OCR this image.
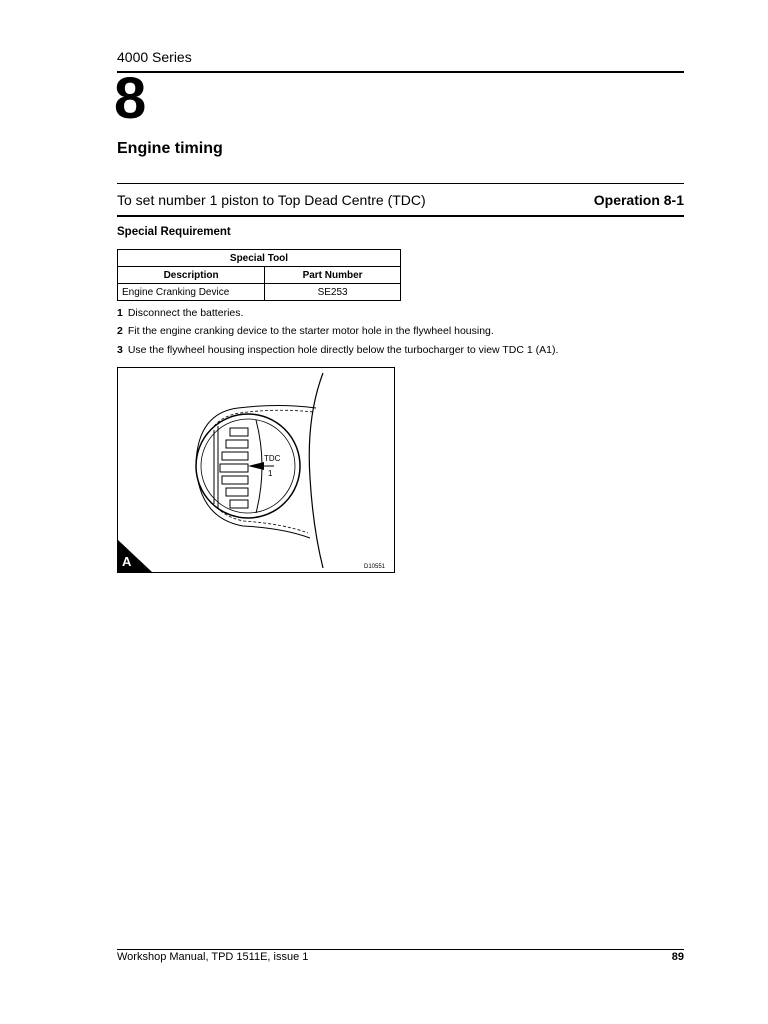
4000 Series
8
Engine timing
To set number 1 piston to Top Dead Centre (TDC)	Operation 8-1
Special Requirement
Special Tool	
Description	Part Number
Engine Cranking Device	SE253
1 Disconnect the batteries.
2 Fit the engine cranking device to the starter motor hole in the flywheel housing.
3 Use the flywheel housing inspection hole directly below the turbocharger to view TDC 1 (A1).
TDC
1
A	D10551
Workshop Manual, TPD 1511E, issue 1	89
